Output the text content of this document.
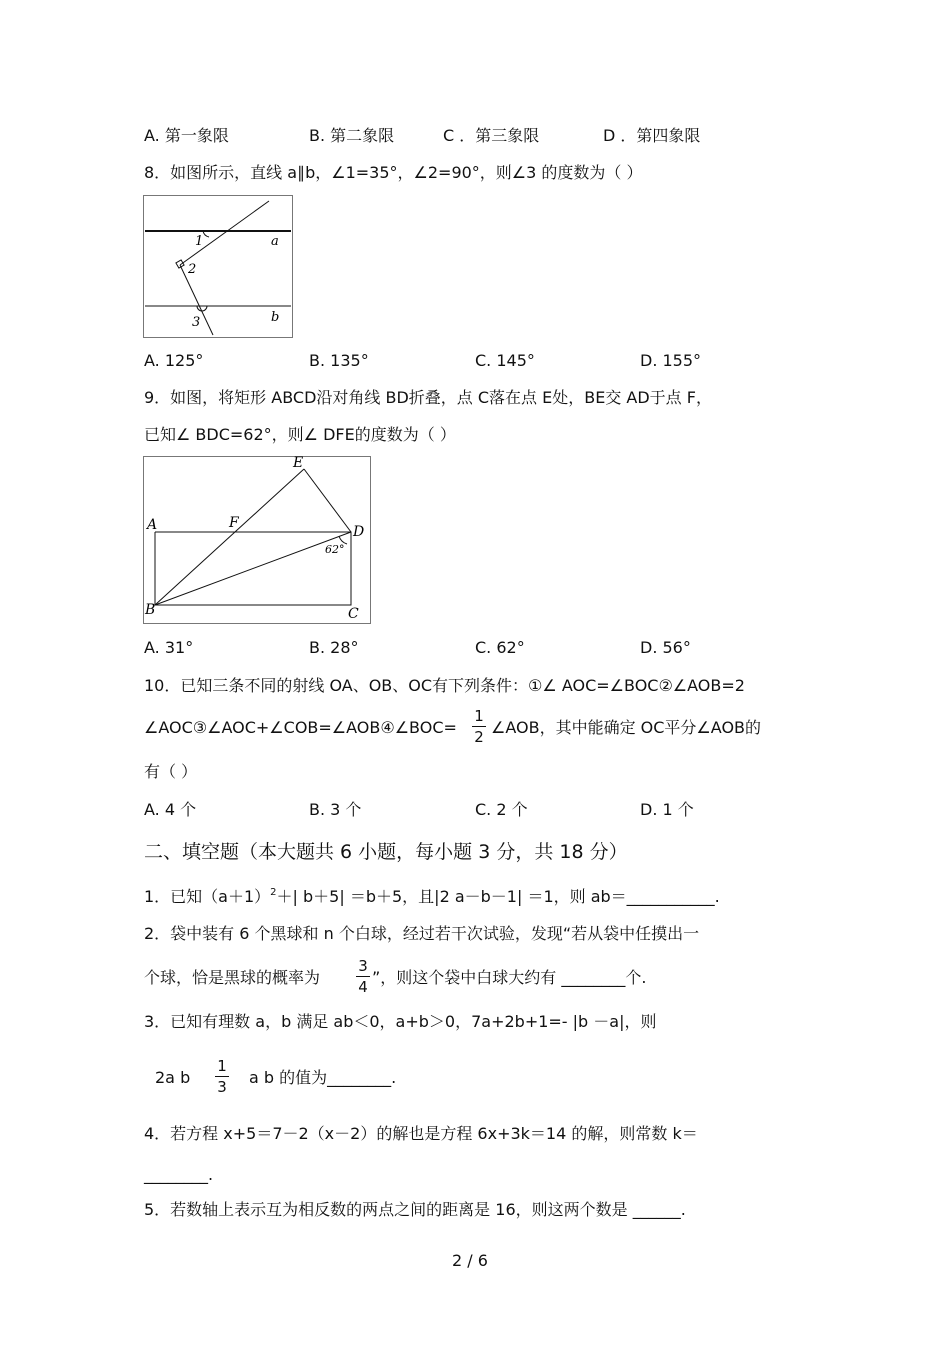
A. 第一象限	B. 第二象限	C ．第三象限	D ．第四象限
8．如图所示，直线 a∥b，∠1=35°，∠2=90°，则∠3 的度数为（ ）
1
2
3
a
b
A. 125°	B. 135°	C. 145°	D. 155°
9．如图，将矩形 ABCD沿对角线 BD折叠，点 C落在点 E处，BE交 AD于点 F，
已知∠ BDC=62°，则∠ DFE的度数为（ ）
A
B	C
D
E
F
62°
A. 31°	B. 28°	C. 62°	D. 56°
10．已知三条不同的射线 OA、OB、OC有下列条件：①∠ AOC=∠BOC②∠AOB=2
∠AOC③∠AOC+∠COB=∠AOB④∠BOC=
1
2 ∠AOB，其中能确定 OC平分∠AOB的
有（ ）
A. 4 个	B. 3 个	C. 2 个	D. 1 个
二、填空题（本大题共 6 小题，每小题 3 分，共 18 分）
1．已知$(a+1)^2+|$ b＋5| ＝b＋5，且|2 a－b－1| ＝1，则 ab＝___________.
2．袋中装有 6 个黑球和 n 个白球，经过若干次试验，发现“若从袋中任摸出一
个球，恰是黑球的概率为
3
4 ”，则这个袋中白球大约有 ________个.
3．已知有理数 a，b 满足 ab＜0，a+b＞0，7a+2b+1=- |b －a|，则
2a b
1
3 a b 的值为________.
4．若方程 x+5＝7－2（x－2）的解也是方程 6x+3k＝14 的解，则常数 k＝
________.
5．若数轴上表示互为相反数的两点之间的距离是 16，则这两个数是 ______.
2 / 6
